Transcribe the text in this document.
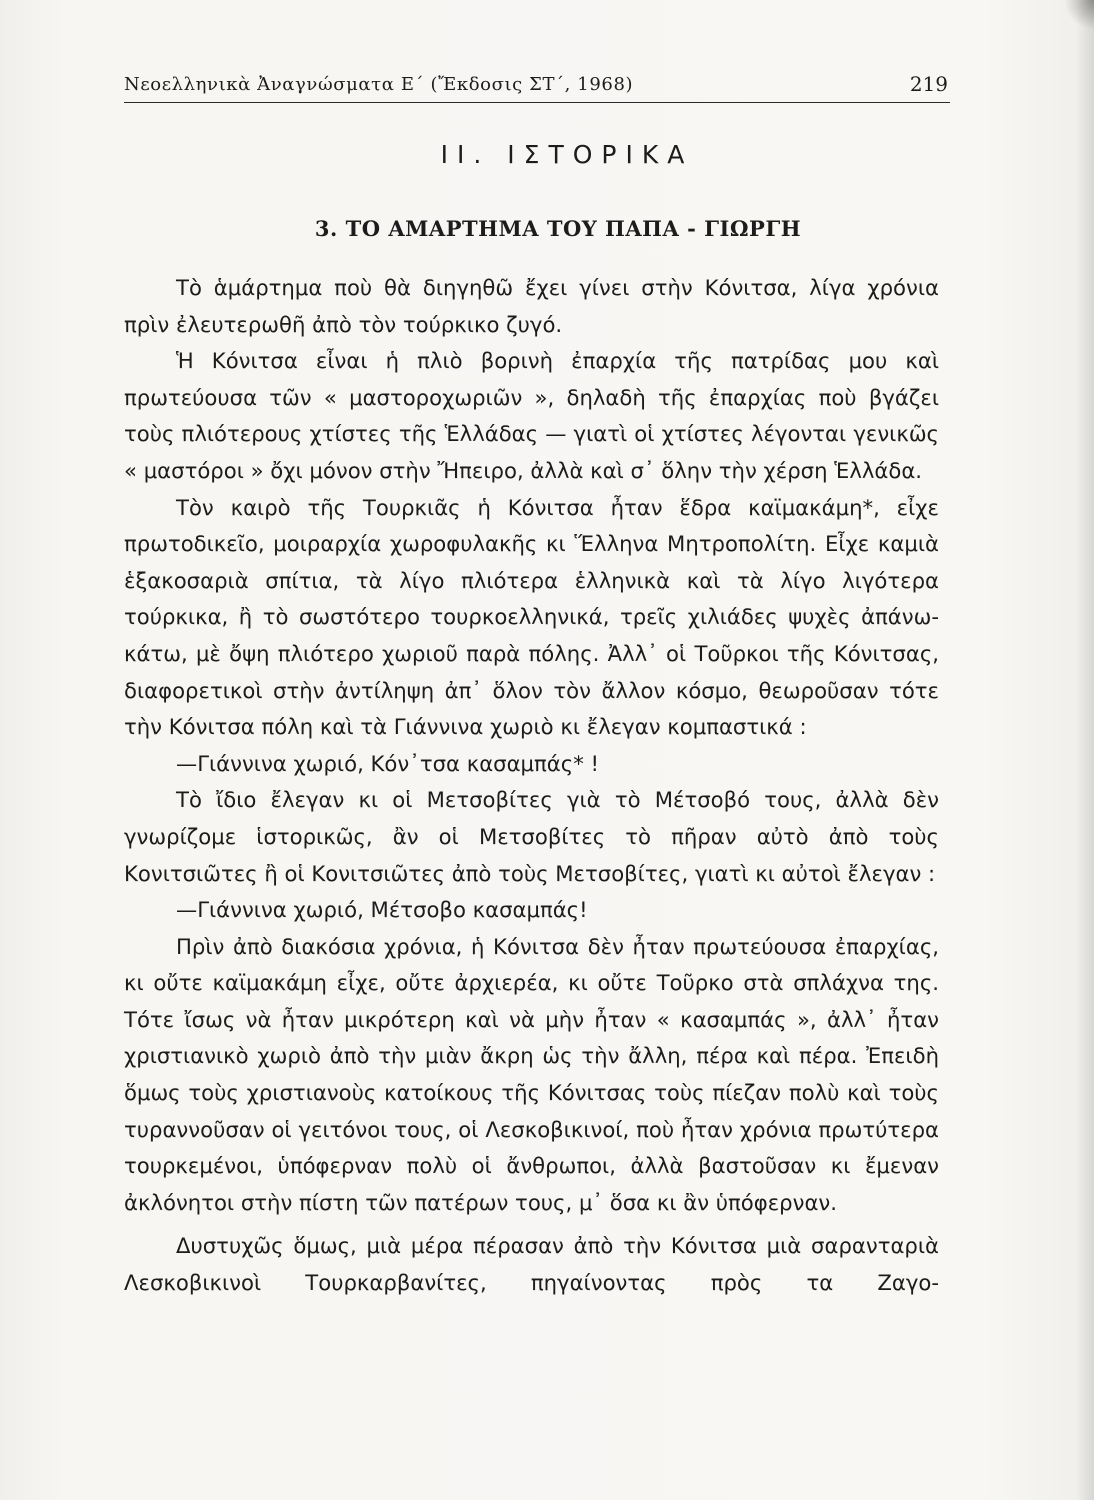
Νεοελληνικὰ Ἀναγνώσματα Ε΄ (Ἔκδοσις ΣΤ΄, 1968)	219
II. ΙΣΤΟΡΙΚΑ
3. ΤΟ ΑΜΑΡΤΗΜΑ ΤΟΥ ΠΑΠΑ - ΓΙΩΡΓΗ

Τὸ ἁμάρτημα ποὺ θὰ διηγηθῶ ἔχει γίνει στὴν Κόνιτσα, λίγα χρόνια πρὶν ἐλευτερωθῆ ἀπὸ τὸν τούρκικο ζυγό.

Ἡ Κόνιτσα εἶναι ἡ πλιὸ βορινὴ ἐπαρχία τῆς πατρίδας μου καὶ πρωτεύουσα τῶν « μαστοροχωριῶν », δηλαδὴ τῆς ἐπαρχίας ποὺ βγάζει τοὺς πλιότερους χτίστες τῆς Ἑλλάδας — γιατὶ οἱ χτίστες λέγονται γενικῶς « μαστόροι » ὄχι μόνον στὴν Ἤπειρο, ἀλλὰ καὶ σ᾿ ὅλην τὴν χέρση Ἑλλάδα.

Τὸν καιρὸ τῆς Τουρκιᾶς ἡ Κόνιτσα ἦταν ἕδρα καϊμακάμη*, εἶχε πρωτοδικεῖο, μοιραρχία χωροφυλακῆς κι Ἕλληνα Μητροπολίτη. Εἶχε καμιὰ ἑξακοσαριὰ σπίτια, τὰ λίγο πλιότερα ἑλληνικὰ καὶ τὰ λίγο λιγότερα τούρκικα, ἢ τὸ σωστότερο τουρκοελληνικά, τρεῖς χιλιάδες ψυχὲς ἀπάνω-κάτω, μὲ ὄψη πλιότερο χωριοῦ παρὰ πόλης. Ἀλλ᾿ οἱ Τοῦρκοι τῆς Κόνιτσας, διαφορετικοὶ στὴν ἀντίληψη ἀπ᾿ ὅλον τὸν ἄλλον κόσμο, θεωροῦσαν τότε τὴν Κόνιτσα πόλη καὶ τὰ Γιάννινα χωριὸ κι ἔλεγαν κομπαστικά :

—Γιάννινα χωριό, Κόν᾿τσα κασαμπάς* !

Τὸ ἴδιο ἔλεγαν κι οἱ Μετσοβίτες γιὰ τὸ Μέτσοβό τους, ἀλλὰ δὲν γνωρίζομε ἱστορικῶς, ἂν οἱ Μετσοβίτες τὸ πῆραν αὐτὸ ἀπὸ τοὺς Κονιτσιῶτες ἢ οἱ Κονιτσιῶτες ἀπὸ τοὺς Μετσοβίτες, γιατὶ κι αὐτοὶ ἔλεγαν :

—Γιάννινα χωριό, Μέτσοβο κασαμπάς!

Πρὶν ἀπὸ διακόσια χρόνια, ἡ Κόνιτσα δὲν ἦταν πρωτεύουσα ἐπαρχίας, κι οὔτε καϊμακάμη εἶχε, οὔτε ἀρχιερέα, κι οὔτε Τοῦρκο στὰ σπλάχνα της. Τότε ἴσως νὰ ἦταν μικρότερη καὶ νὰ μὴν ἦταν « κασαμπάς », ἀλλ᾿ ἦταν χριστιανικὸ χωριὸ ἀπὸ τὴν μιὰν ἄκρη ὡς τὴν ἄλλη, πέρα καὶ πέρα. Ἐπειδὴ ὅμως τοὺς χριστιανοὺς κατοίκους τῆς Κόνιτσας τοὺς πίεζαν πολὺ καὶ τοὺς τυραννοῦσαν οἱ γειτόνοι τους, οἱ Λεσκοβικινοί, ποὺ ἦταν χρόνια πρωτύτερα τουρκεμένοι, ὑπόφερναν πολὺ οἱ ἄνθρωποι, ἀλλὰ βαστοῦσαν κι ἔμεναν ἀκλόνητοι στὴν πίστη τῶν πατέρων τους, μ᾿ ὅσα κι ἂν ὑπόφερναν.

Δυστυχῶς ὅμως, μιὰ μέρα πέρασαν ἀπὸ τὴν Κόνιτσα μιὰ σαρανταριὰ Λεσκοβικινοὶ Τουρκαρβανίτες, πηγαίνοντας πρὸς τα Ζαγο-
